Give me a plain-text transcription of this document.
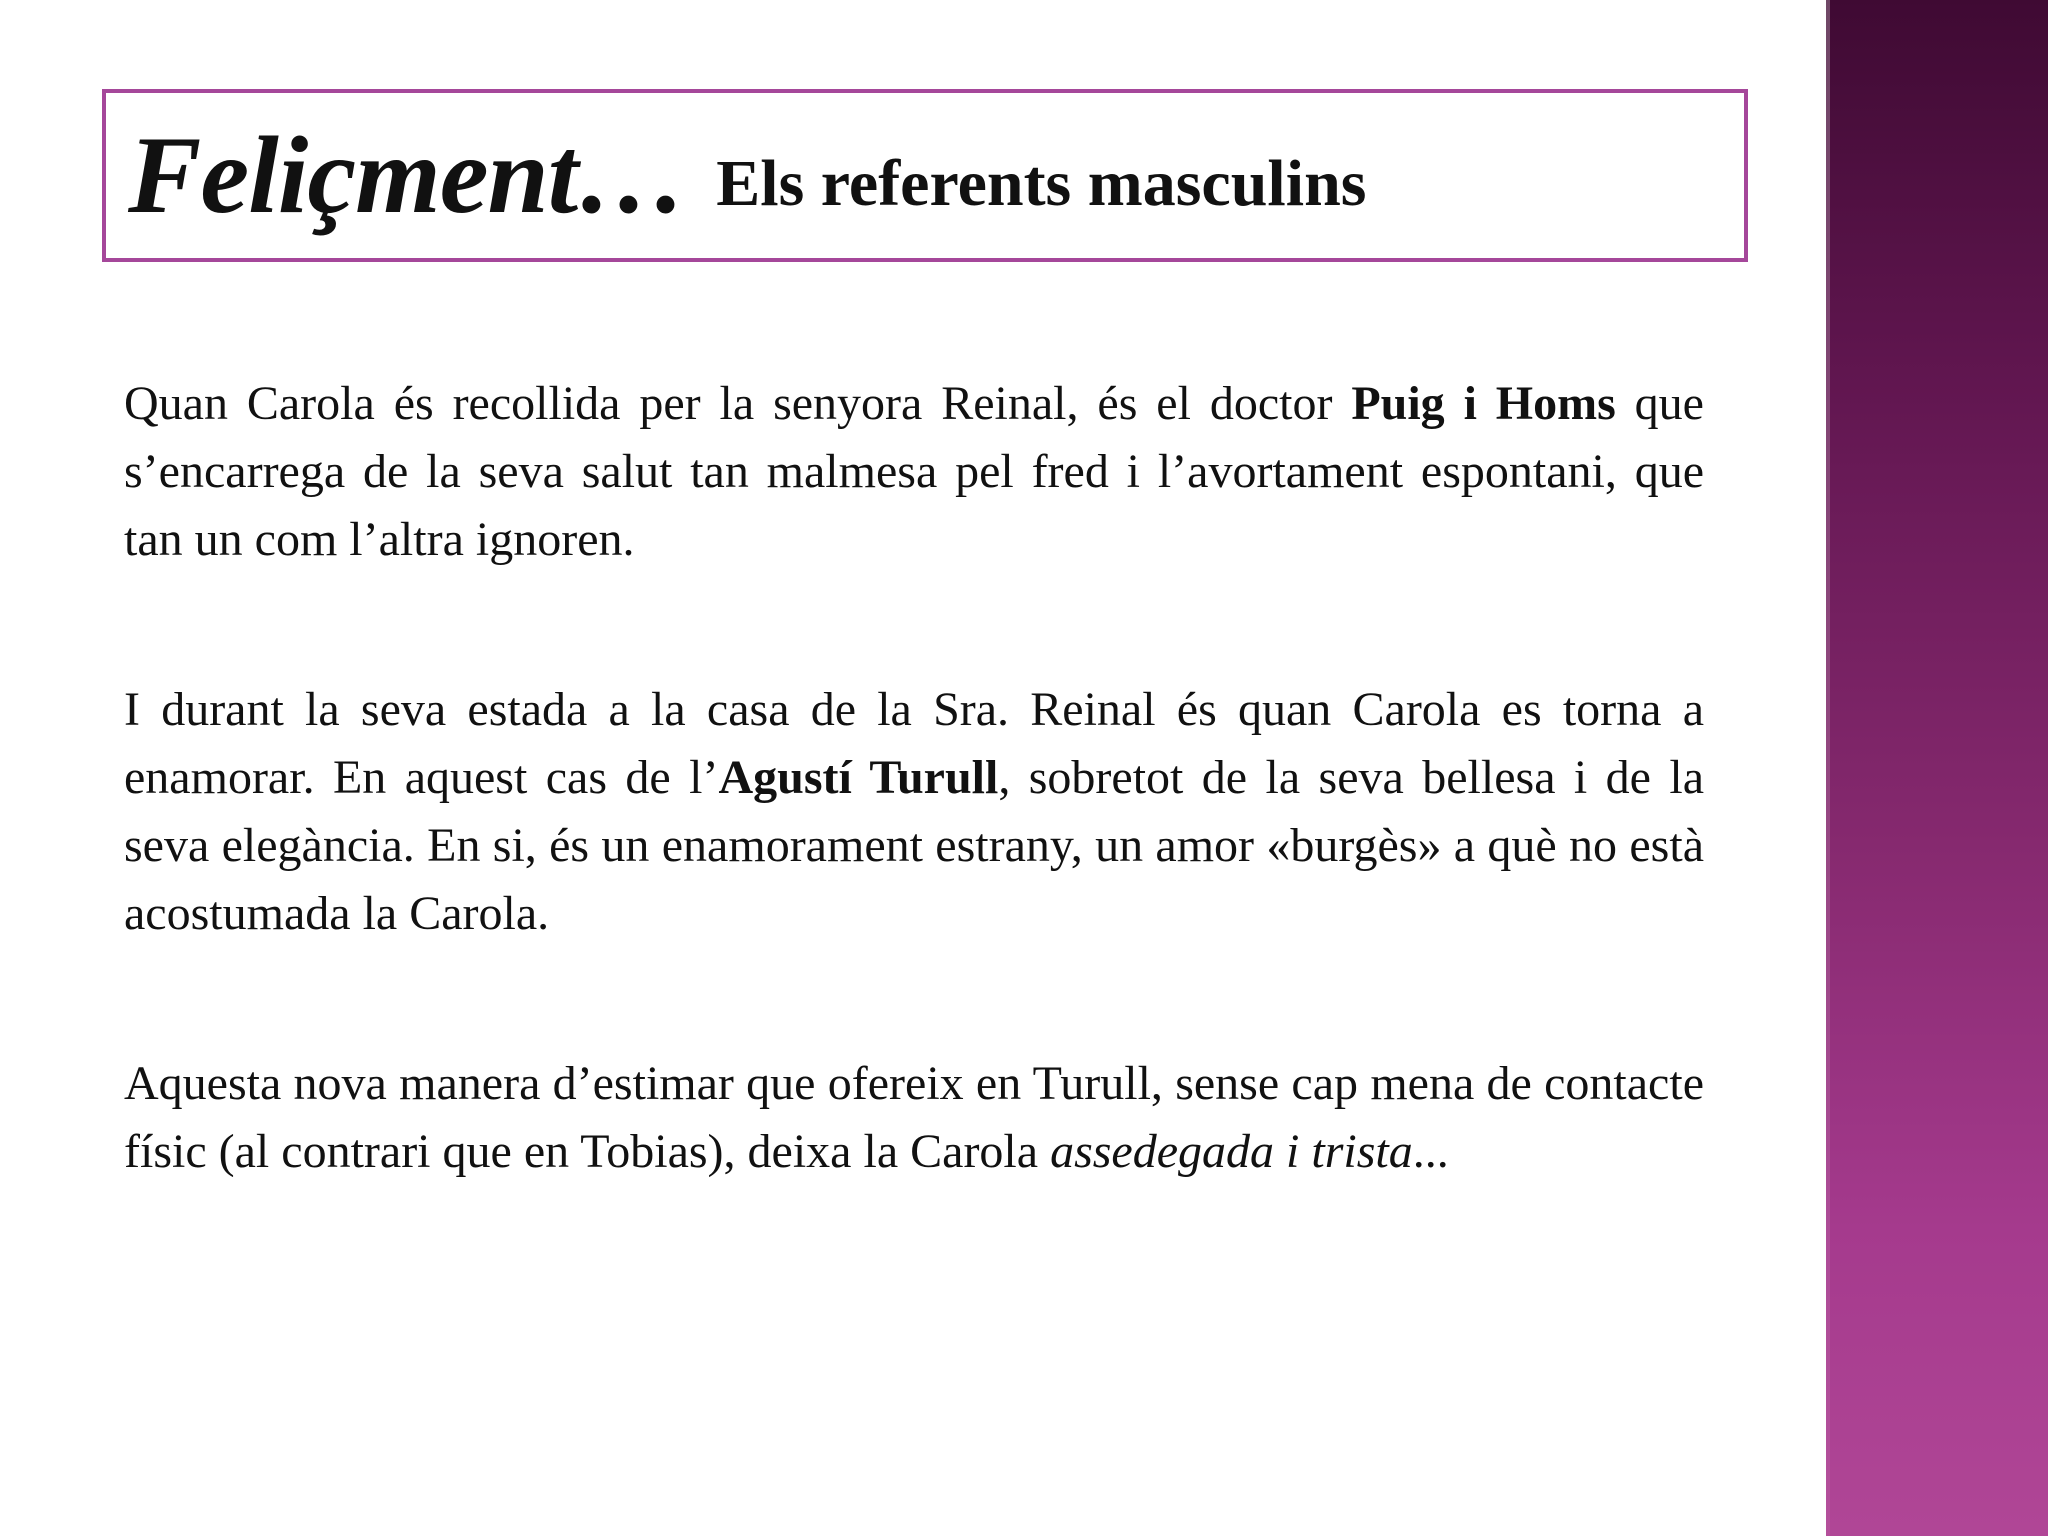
Feliçment… Els referents masculins

Quan Carola és recollida per la senyora Reinal, és el doctor Puig i Homs que s’encarrega de la seva salut tan malmesa pel fred i l’avortament espontani, que tan un com l’altra ignoren.

I durant la seva estada a la casa de la Sra. Reinal és quan Carola es torna a enamorar. En aquest cas de l’Agustí Turull, sobretot de la seva bellesa i de la seva elegància. En si, és un enamorament estrany, un amor «burgès» a què no està acostumada la Carola.

Aquesta nova manera d’estimar que ofereix en Turull, sense cap mena de contacte físic (al contrari que en Tobias), deixa la Carola assedegada i trista...
